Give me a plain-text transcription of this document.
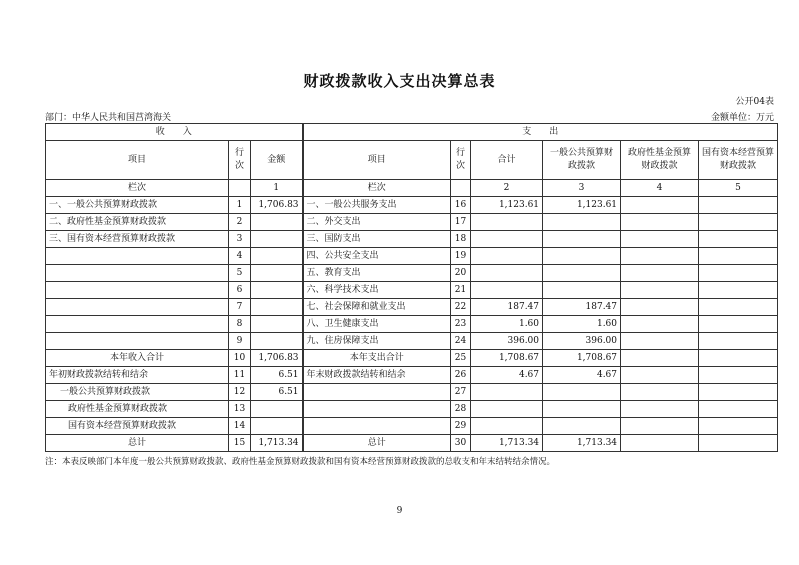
财政拨款收入支出决算总表
公开04表
部门：中华人民共和国莒湾海关	金额单位：万元
收　　入			支　　出					
项目	行次	金额	项目	行次	合计	一般公共预算财政拨款	政府性基金预算财政拨款	国有资本经营预算财政拨款
栏次		1	栏次		2	3	4	5
一、一般公共预算财政拨款	1	1,706.83	一、一般公共服务支出	16	1,123.61	1,123.61		
二、政府性基金预算财政拨款	2		二、外交支出	17				
三、国有资本经营预算财政拨款	3		三、国防支出	18				
	4		四、公共安全支出	19				
	5		五、教育支出	20				
	6		六、科学技术支出	21				
	7		七、社会保障和就业支出	22	187.47	187.47		
	8		八、卫生健康支出	23	1.60	1.60		
	9		九、住房保障支出	24	396.00	396.00		
本年收入合计	10	1,706.83	本年支出合计	25	1,708.67	1,708.67		
年初财政拨款结转和结余	11	6.51	年末财政拨款结转和结余	26	4.67	4.67		
一般公共预算财政拨款	12	6.51		27				
政府性基金预算财政拨款	13			28				
国有资本经营预算财政拨款	14			29				
总计	15	1,713.34	总计	30	1,713.34	1,713.34		
注：本表反映部门本年度一般公共预算财政拨款、政府性基金预算财政拨款和国有资本经营预算财政拨款的总收支和年末结转结余情况。
9
